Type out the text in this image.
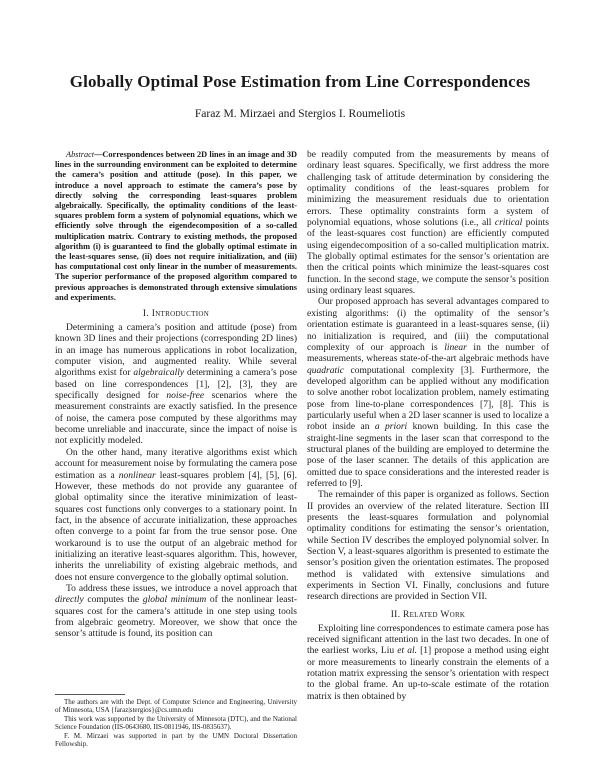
Globally Optimal Pose Estimation from Line Correspondences
Faraz M. Mirzaei and Stergios I. Roumeliotis

Abstract—Correspondences between 2D lines in an image and 3D lines in the surrounding environment can be exploited to determine the camera’s position and attitude (pose). In this paper, we introduce a novel approach to estimate the camera’s pose by directly solving the corresponding least-squares problem algebraically. Specifically, the optimality conditions of the least-squares problem form a system of polynomial equations, which we efficiently solve through the eigendecomposition of a so-called multiplication matrix. Contrary to existing methods, the proposed algorithm (i) is guaranteed to find the globally optimal estimate in the least-squares sense, (ii) does not require initialization, and (iii) has computational cost only linear in the number of measurements. The superior performance of the proposed algorithm compared to previous approaches is demonstrated through extensive simulations and experiments.

I. Introduction

Determining a camera’s position and attitude (pose) from known 3D lines and their projections (corresponding 2D lines) in an image has numerous applications in robot localization, computer vision, and augmented reality. While several algorithms exist for algebraically determining a camera’s pose based on line correspondences [1], [2], [3], they are specifically designed for noise-free scenarios where the measurement constraints are exactly satisfied. In the presence of noise, the camera pose computed by these algorithms may become unreliable and inaccurate, since the impact of noise is not explicitly modeled.

On the other hand, many iterative algorithms exist which account for measurement noise by formulating the camera pose estimation as a nonlinear least-squares problem [4], [5], [6]. However, these methods do not provide any guarantee of global optimality since the iterative minimization of least-squares cost functions only converges to a stationary point. In fact, in the absence of accurate initialization, these approaches often converge to a point far from the true sensor pose. One workaround is to use the output of an algebraic method for initializing an iterative least-squares algorithm. This, however, inherits the unreliability of existing algebraic methods, and does not ensure convergence to the globally optimal solution.

To address these issues, we introduce a novel approach that directly computes the global minimum of the nonlinear least-squares cost for the camera’s attitude in one step using tools from algebraic geometry. Moreover, we show that once the sensor’s attitude is found, its position can

The authors are with the Dept. of Computer Science and Engineering, University of Minnesota, USA {faraz|stergios}@cs.umn.edu

This work was supported by the University of Minnesota (DTC), and the National Science Foundation (IIS-0643680, IIS-0811946, IIS-0835637).

F. M. Mirzaei was supported in part by the UMN Doctoral Dissertation Fellowship.

be readily computed from the measurements by means of ordinary least squares. Specifically, we first address the more challenging task of attitude determination by considering the optimality conditions of the least-squares problem for minimizing the measurement residuals due to orientation errors. These optimality constraints form a system of polynomial equations, whose solutions (i.e., all critical points of the least-squares cost function) are efficiently computed using eigendecomposition of a so-called multiplication matrix. The globally optimal estimates for the sensor’s orientation are then the critical points which minimize the least-squares cost function. In the second stage, we compute the sensor’s position using ordinary least squares.

Our proposed approach has several advantages compared to existing algorithms: (i) the optimality of the sensor’s orientation estimate is guaranteed in a least-squares sense, (ii) no initialization is required, and (iii) the computational complexity of our approach is linear in the number of measurements, whereas state-of-the-art algebraic methods have quadratic computational complexity [3]. Furthermore, the developed algorithm can be applied without any modification to solve another robot localization problem, namely estimating pose from line-to-plane correspondences [7], [8]. This is particularly useful when a 2D laser scanner is used to localize a robot inside an a priori known building. In this case the straight-line segments in the laser scan that correspond to the structural planes of the building are employed to determine the pose of the laser scanner. The details of this application are omitted due to space considerations and the interested reader is referred to [9].

The remainder of this paper is organized as follows. Section II provides an overview of the related literature. Section III presents the least-squares formulation and polynomial optimality conditions for estimating the sensor’s orientation, while Section IV describes the employed polynomial solver. In Section V, a least-squares algorithm is presented to estimate the sensor’s position given the orientation estimates. The proposed method is validated with extensive simulations and experiments in Section VI. Finally, conclusions and future research directions are provided in Section VII.

II. Related Work

Exploiting line correspondences to estimate camera pose has received significant attention in the last two decades. In one of the earliest works, Liu et al. [1] propose a method using eight or more measurements to linearly constrain the elements of a rotation matrix expressing the sensor’s orientation with respect to the global frame. An up-to-scale estimate of the rotation matrix is then obtained by
